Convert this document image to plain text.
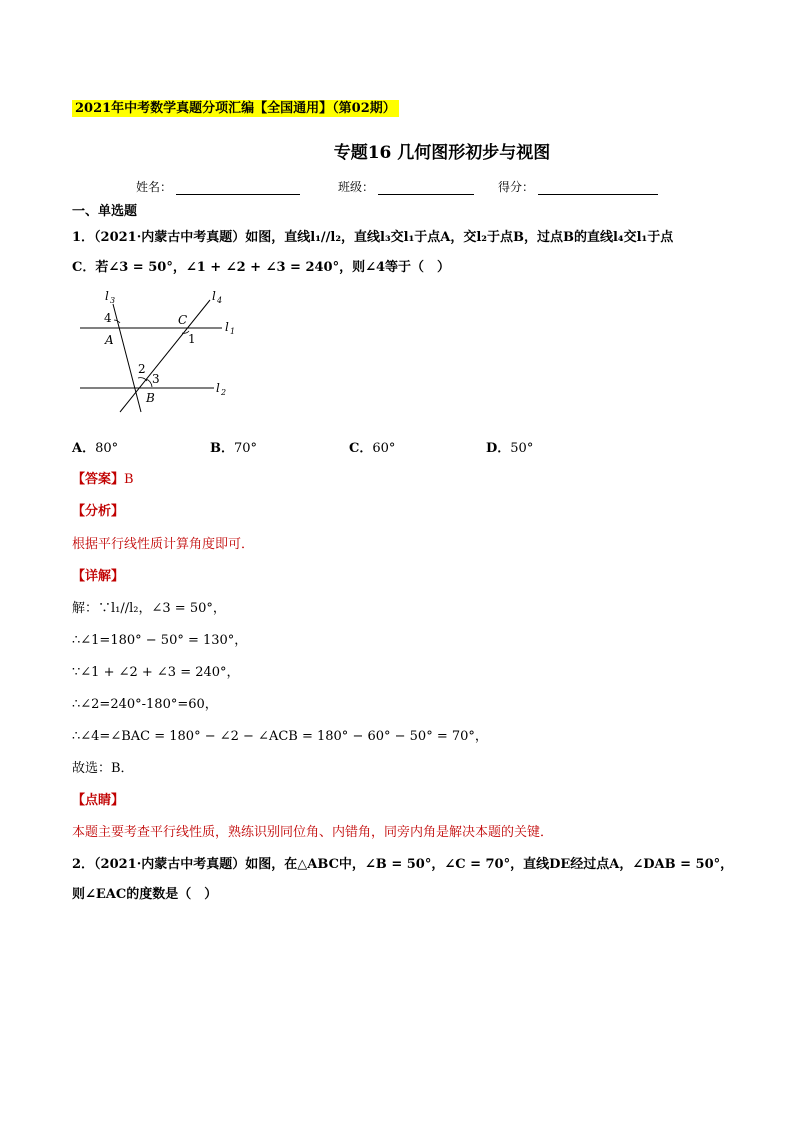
2021年中考数学真题分项汇编【全国通用】（第02期）
专题16 几何图形初步与视图
姓名：	班级：	得分：
一、单选题
1．（2021·内蒙古中考真题）如图，直线l₁//l₂，直线l₃交l₁于点A，交l₂于点B，过点B的直线l₄交l₁于点
C．若∠3 = 50°，∠1 + ∠2 + ∠3 = 240°，则∠4等于（　）
l 3	l 4
l 1
l 2
4
A
C
1
2
3
B
A．80°	B．70°	C．60°	D．50°
【答案】B
【分析】
根据平行线性质计算角度即可．
【详解】
解：∵l₁//l₂，∠3 = 50°，
∴∠1=180° − 50° = 130°，
∵∠1 + ∠2 + ∠3 = 240°，
∴∠2=240°-180°=60，
∴∠4=∠BAC = 180° − ∠2 − ∠ACB = 180° − 60° − 50° = 70°，
故选：B．
【点睛】
本题主要考查平行线性质，熟练识别同位角、内错角，同旁内角是解决本题的关键．
2．（2021·内蒙古中考真题）如图，在△ABC中，∠B = 50°，∠C = 70°，直线DE经过点A，∠DAB = 50°，
则∠EAC的度数是（　）
